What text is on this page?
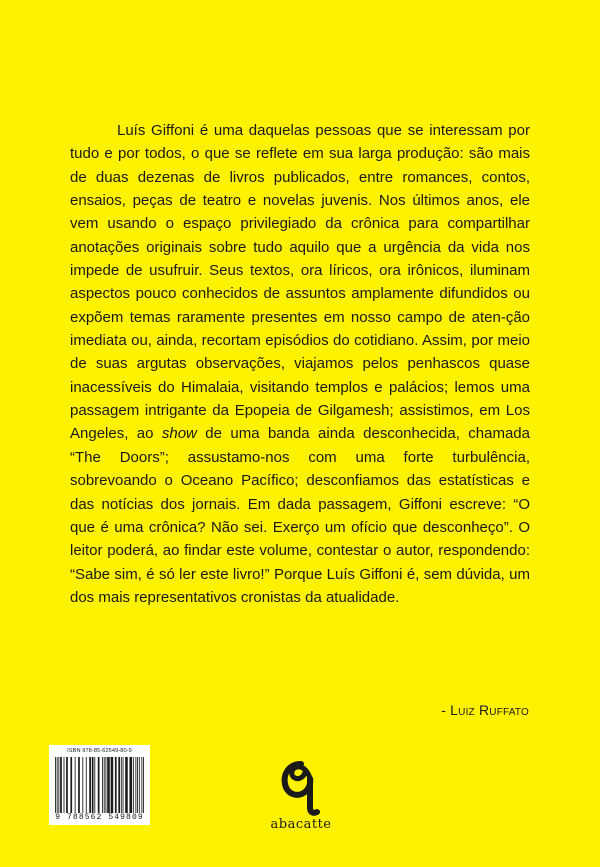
Luís Giffoni é uma daquelas pessoas que se interessam por tudo e por todos, o que se reflete em sua larga produção: são mais de duas dezenas de livros publicados, entre romances, contos, ensaios, peças de teatro e novelas juvenis. Nos últimos anos, ele vem usando o espaço privilegiado da crônica para compartilhar anotações originais sobre tudo aquilo que a urgência da vida nos impede de usufruir. Seus textos, ora líricos, ora irônicos, iluminam aspectos pouco conhecidos de assuntos amplamente difundidos ou expõem temas raramente presentes em nosso campo de aten-ção imediata ou, ainda, recortam episódios do cotidiano. Assim, por meio de suas argutas observações, viajamos pelos penhascos quase inacessíveis do Himalaia, visitando templos e palácios; lemos uma passagem intrigante da Epopeia de Gilgamesh; assistimos, em Los Angeles, ao show de uma banda ainda desconhecida, chamada “The Doors”; assustamo-nos com uma forte turbulência, sobrevoando o Oceano Pacífico; desconfiamos das estatísticas e das notícias dos jornais. Em dada passagem, Giffoni escreve: “O que é uma crônica? Não sei. Exerço um ofício que desconheço”. O leitor poderá, ao findar este volume, contestar o autor, respondendo: “Sabe sim, é só ler este livro!” Porque Luís Giffoni é, sem dúvida, um dos mais representativos cronistas da atualidade.

- Luiz Ruffato
ISBN 978-85-62549-80-9
9 788562 549809	abacatte
